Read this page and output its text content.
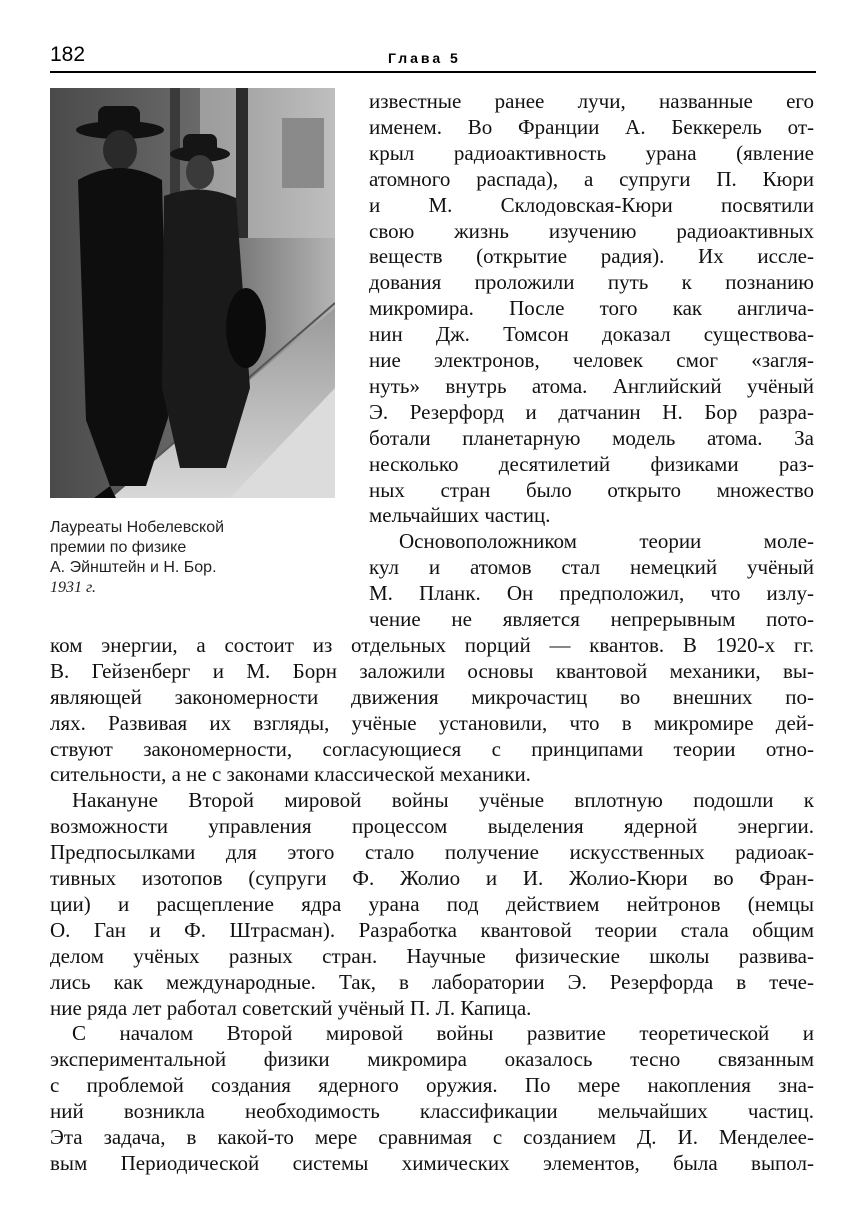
182	Глава 5
Лауреаты Нобелевской
премии по физике
А. Эйнштейн и Н. Бор.
1931 г.
известные ранее лучи, названные его
именем. Во Франции А. Беккерель от-
крыл радиоактивность урана (явление
атомного распада), а супруги П. Кюри
и М. Склодовская-Кюри посвятили
свою жизнь изучению радиоактивных
веществ (открытие радия). Их иссле-
дования проложили путь к познанию
микромира. После того как англича-
нин Дж. Томсон доказал существова-
ние электронов, человек смог «загля-
нуть» внутрь атома. Английский учёный
Э. Резерфорд и датчанин Н. Бор разра-
ботали планетарную модель атома. За
несколько десятилетий физиками раз-
ных стран было открыто множество
мельчайших частиц.
Основоположником теории моле-
кул и атомов стал немецкий учёный
М. Планк. Он предположил, что излу-
чение не является непрерывным пото-
ком энергии, а состоит из отдельных порций — квантов. В 1920-х гг.
В. Гейзенберг и М. Борн заложили основы квантовой механики, вы-
являющей закономерности движения микрочастиц во внешних по-
лях. Развивая их взгляды, учёные установили, что в микромире дей-
ствуют закономерности, согласующиеся с принципами теории отно-
сительности, а не с законами классической механики.
Накануне Второй мировой войны учёные вплотную подошли к
возможности управления процессом выделения ядерной энергии.
Предпосылками для этого стало получение искусственных радиоак-
тивных изотопов (супруги Ф. Жолио и И. Жолио-Кюри во Фран-
ции) и расщепление ядра урана под действием нейтронов (немцы
О. Ган и Ф. Штрасман). Разработка квантовой теории стала общим
делом учёных разных стран. Научные физические школы развива-
лись как международные. Так, в лаборатории Э. Резерфорда в тече-
ние ряда лет работал советский учёный П. Л. Капица.
С началом Второй мировой войны развитие теоретической и
экспериментальной физики микромира оказалось тесно связанным
с проблемой создания ядерного оружия. По мере накопления зна-
ний возникла необходимость классификации мельчайших частиц.
Эта задача, в какой-то мере сравнимая с созданием Д. И. Менделее-
вым Периодической системы химических элементов, была выпол-
